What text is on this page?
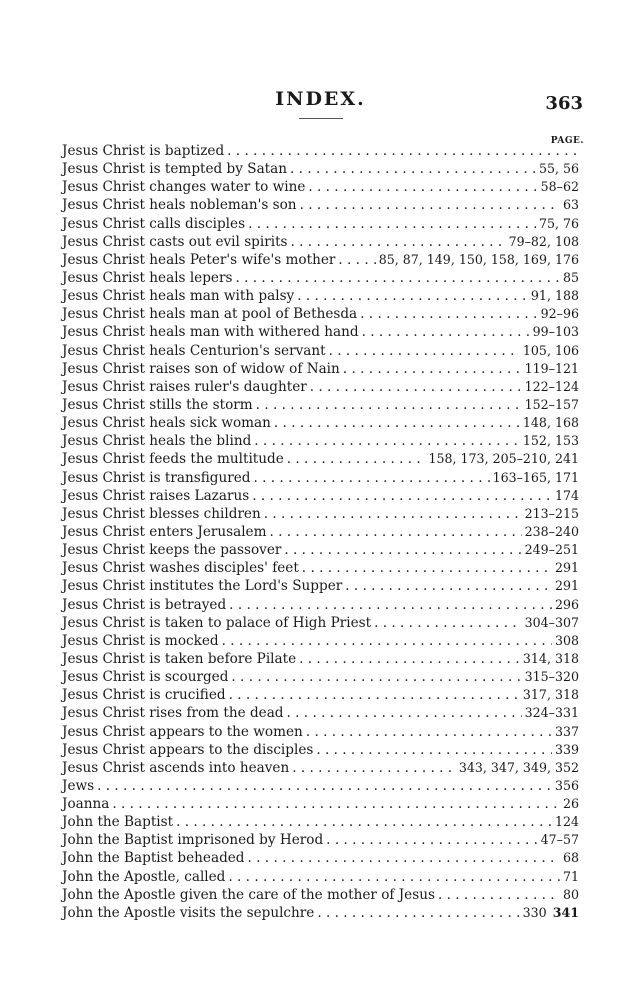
INDEX.	363
PAGE.
Jesus Christ is baptized
. . .
Jesus Christ is tempted by Satan . . .	55, 56
Jesus Christ changes water to wine . . .	58–62
Jesus Christ heals nobleman's son . . .	63
Jesus Christ calls disciples . . .	75, 76
Jesus Christ casts out evil spirits . . .	79–82, 108
Jesus Christ heals Peter's wife's mother . . .	85, 87, 149, 150, 158, 169, 176
Jesus Christ heals lepers . . .	85
Jesus Christ heals man with palsy . . .	91, 188
Jesus Christ heals man at pool of Bethesda . . .	92–96
Jesus Christ heals man with withered hand . . .	99–103
Jesus Christ heals Centurion's servant . . .	105, 106
Jesus Christ raises son of widow of Nain . . .	119–121
Jesus Christ raises ruler's daughter . . .	122–124
Jesus Christ stills the storm . . .	152–157
Jesus Christ heals sick woman . . .	148, 168
Jesus Christ heals the blind . . .	152, 153
Jesus Christ feeds the multitude . . .	158, 173, 205–210, 241
Jesus Christ is transfigured . . .	163–165, 171
Jesus Christ raises Lazarus . . .	174
Jesus Christ blesses children . . .	213–215
Jesus Christ enters Jerusalem . . .	238–240
Jesus Christ keeps the passover . . .	249–251
Jesus Christ washes disciples' feet . . .	291
Jesus Christ institutes the Lord's Supper . . .	291
Jesus Christ is betrayed . . .	296
Jesus Christ is taken to palace of High Priest . . .	304–307
Jesus Christ is mocked . . .	308
Jesus Christ is taken before Pilate . . .	314, 318
Jesus Christ is scourged . . .	315–320
Jesus Christ is crucified . . .	317, 318
Jesus Christ rises from the dead . . .	324–331
Jesus Christ appears to the women . . .	337
Jesus Christ appears to the disciples . . .	339
Jesus Christ ascends into heaven . . .	343, 347, 349, 352
Jews . . .	356
Joanna . . .	26
John the Baptist . . .	124
John the Baptist imprisoned by Herod . . .	47–57
John the Baptist beheaded . . .	68
John the Apostle, called . . .	71
John the Apostle given the care of the mother of Jesus . . .	80
John the Apostle visits the sepulchre . . .	330 341
